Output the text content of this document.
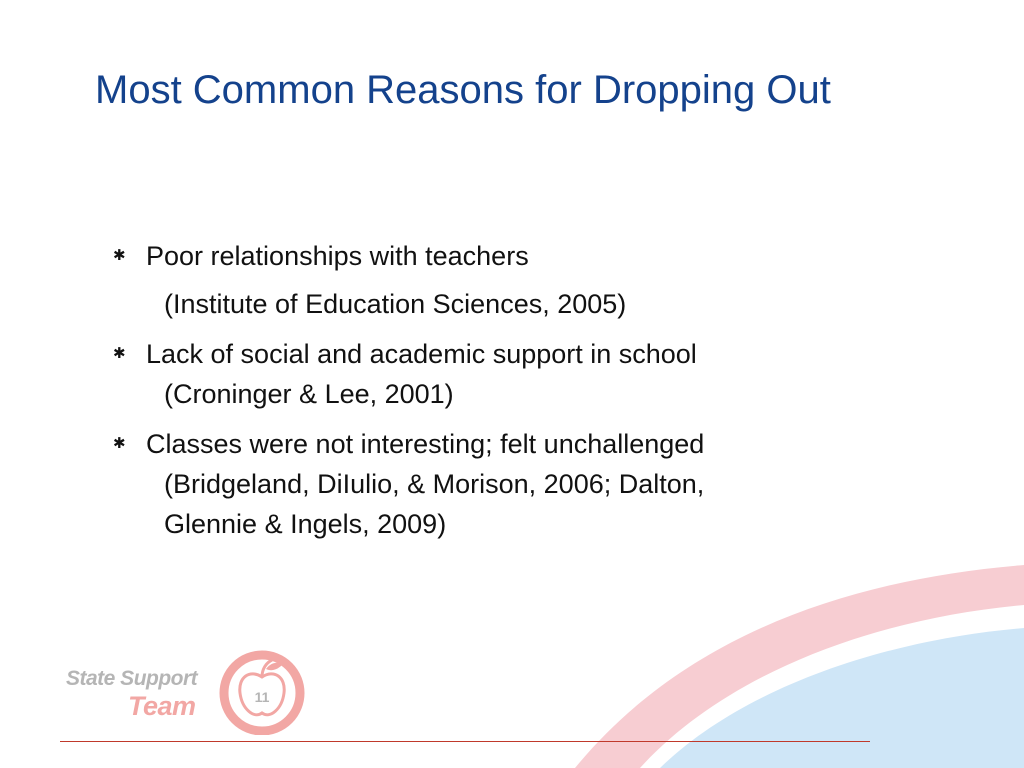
Most Common Reasons for Dropping Out
✱ Poor relationships with teachers
(Institute of Education Sciences, 2005)
✱ Lack of social and academic support in school
(Croninger & Lee, 2001)
✱ Classes were not interesting; felt unchallenged
(Bridgeland, DiIulio, & Morison, 2006; Dalton,
Glennie & Ingels, 2009)
State Support
Team	11
